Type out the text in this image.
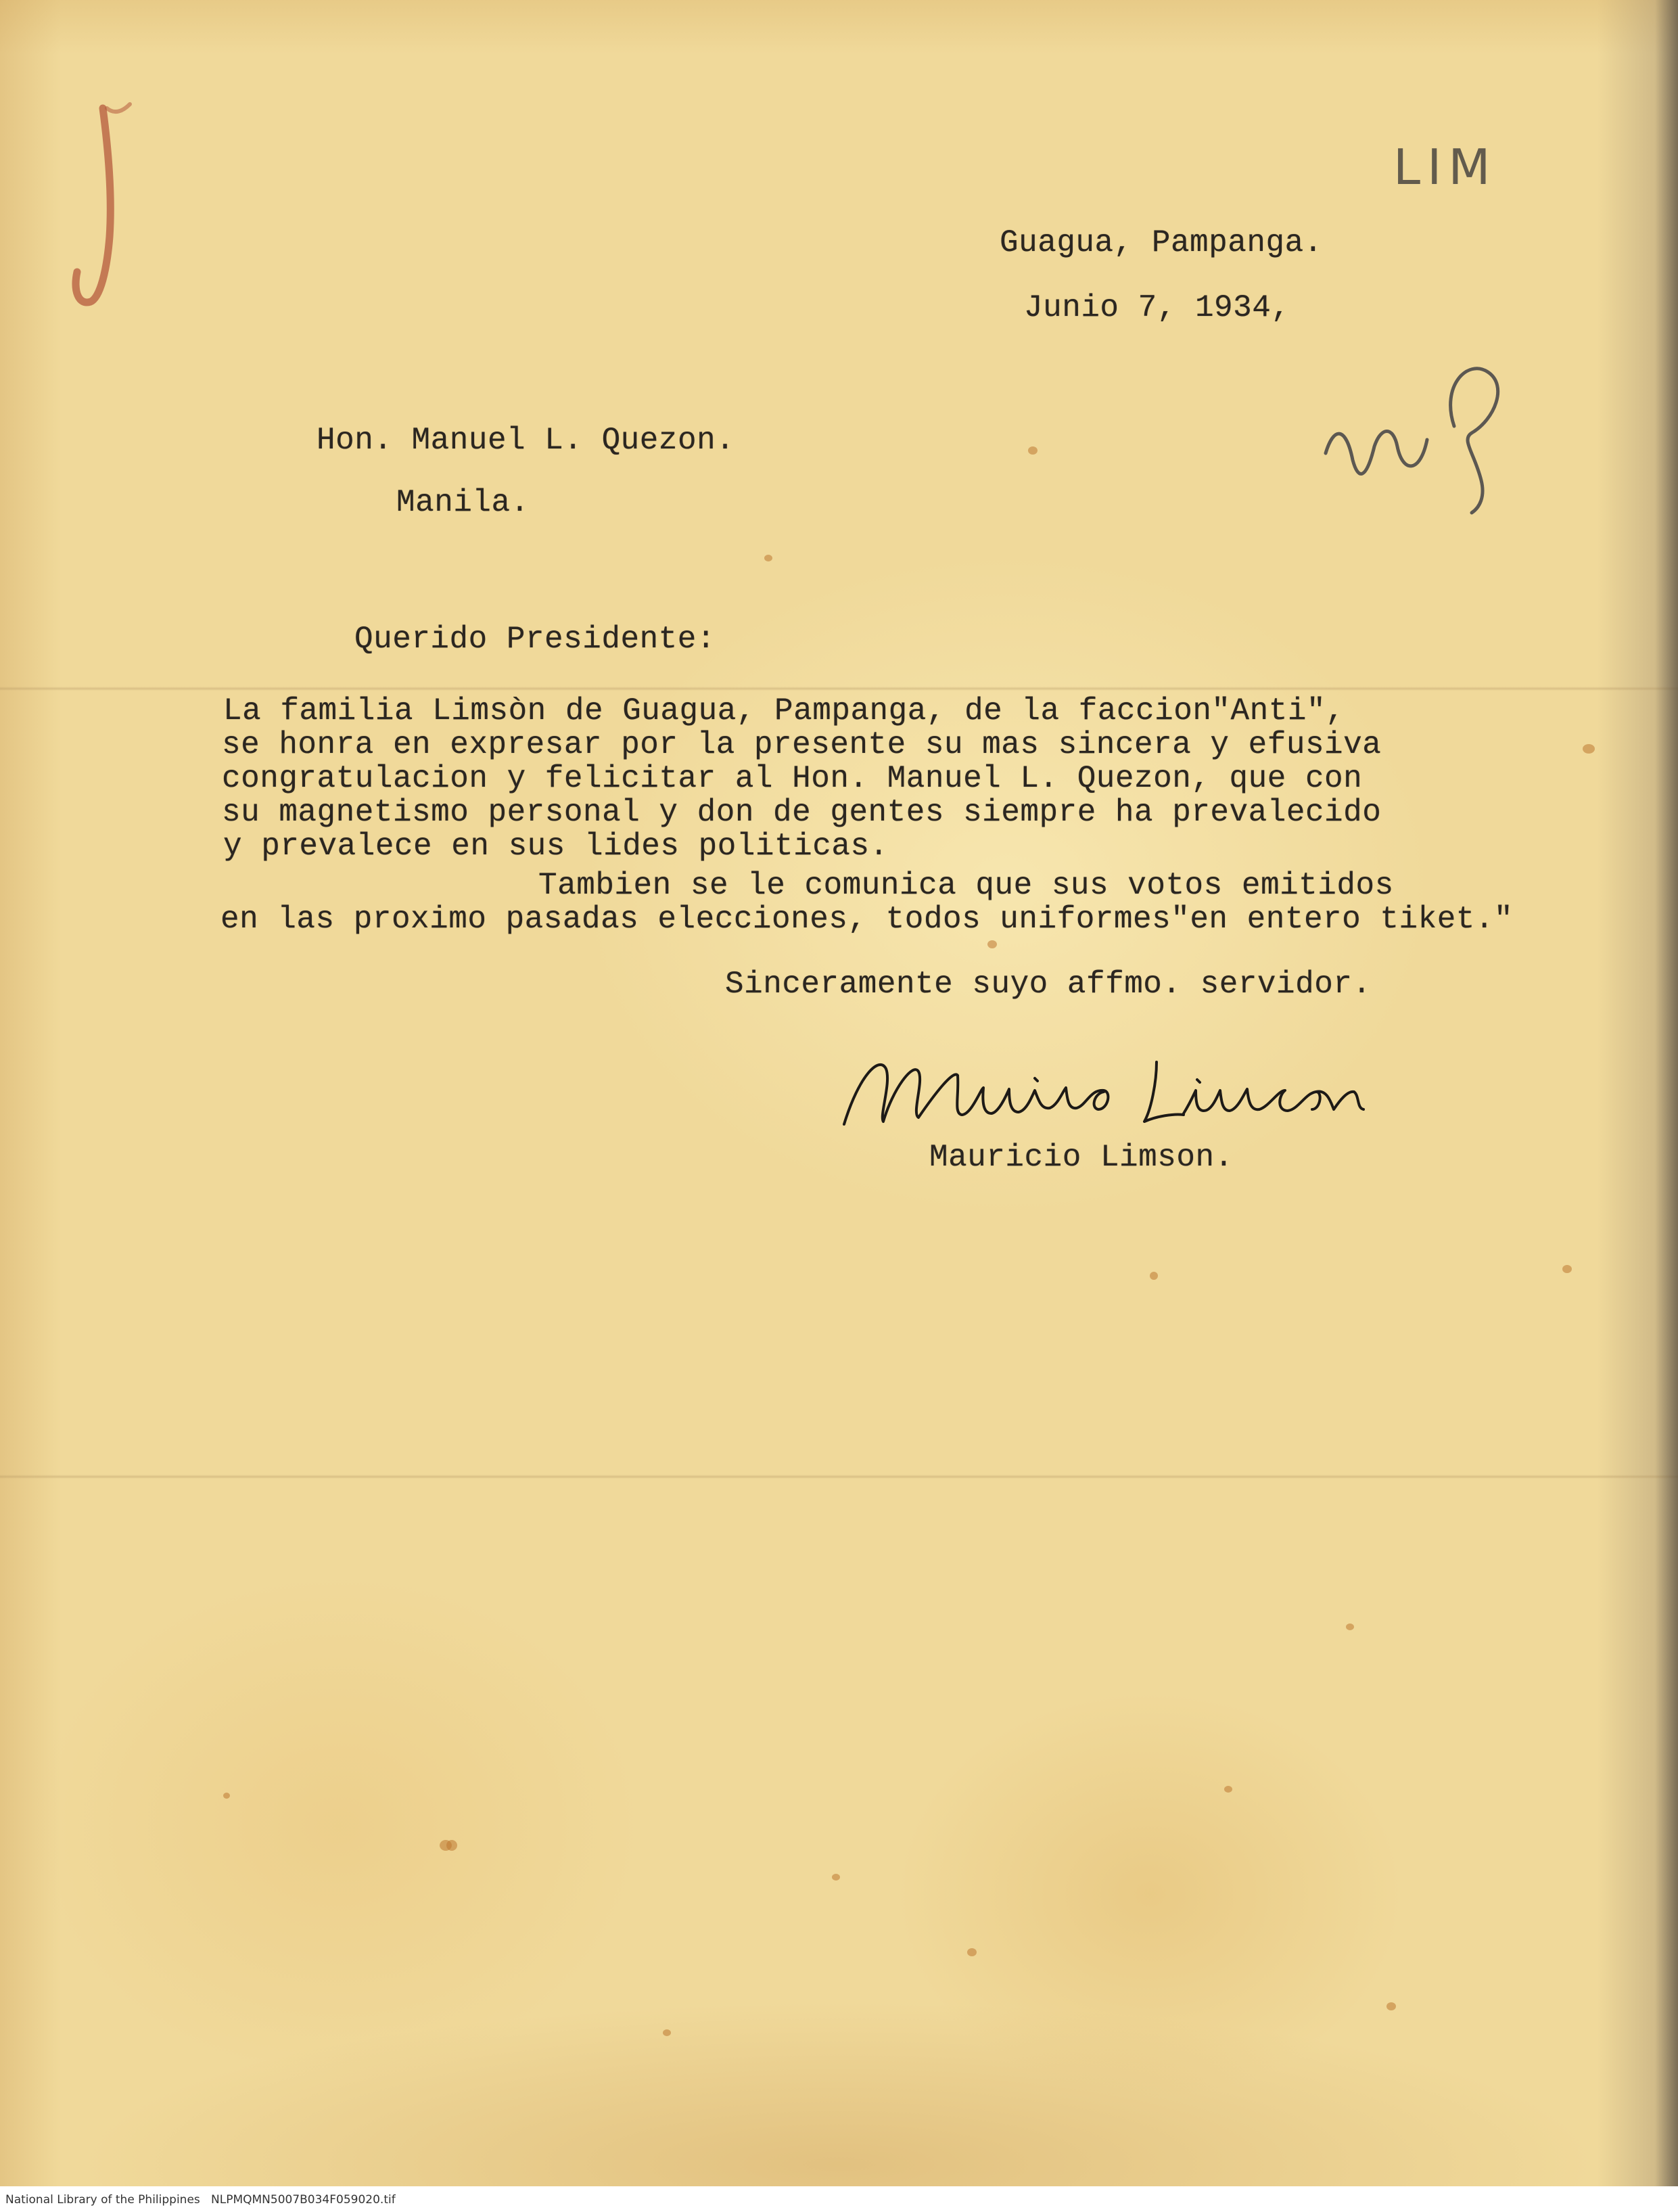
LIM

Guagua, Pampanga.

Junio 7, 1934,

Hon. Manuel L. Quezon.

Manila.

Querido Presidente:

La familia Limsòn de Guagua, Pampanga, de la faccion"Anti",

se honra en expresar por la presente su mas sincera y efusiva

congratulacion y felicitar al Hon. Manuel L. Quezon, que con

su magnetismo personal y don de gentes siempre ha prevalecido

y prevalece en sus lides politicas.

Tambien se le comunica que sus votos emitidos

en las proximo pasadas elecciones, todos uniformes"en entero tiket."

Sinceramente suyo affmo. servidor.

Mauricio Limson.

National Library of the Philippines NLPMQMN5007B034F059020.tif
